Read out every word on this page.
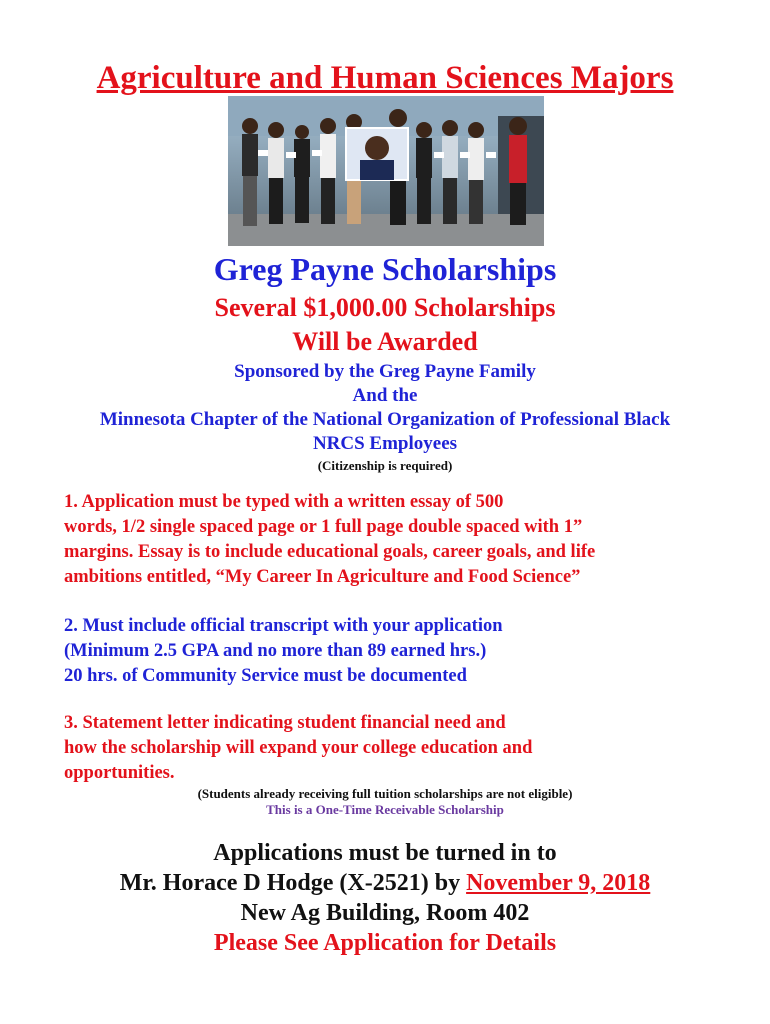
Agriculture and Human Sciences Majors
Greg Payne Scholarships
Several $1,000.00 Scholarships
Will be Awarded
Sponsored by the Greg Payne Family
And the
Minnesota Chapter of the National Organization of Professional Black
NRCS Employees
(Citizenship is required)

1. Application must be typed with a written essay of 500

words, 1/2 single spaced page or 1 full page double spaced with 1”

margins. Essay is to include educational goals, career goals, and life

ambitions entitled, “My Career In Agriculture and Food Science”

2. Must include official transcript with your application

(Minimum 2.5 GPA and no more than 89 earned hrs.)

20 hrs. of Community Service must be documented

3. Statement letter indicating student financial need and

how the scholarship will expand your college education and

opportunities.

(Students already receiving full tuition scholarships are not eligible)
This is a One-Time Receivable Scholarship
Applications must be turned in to
Mr. Horace D Hodge (X-2521) by November 9, 2018
New Ag Building, Room 402
Please See Application for Details
